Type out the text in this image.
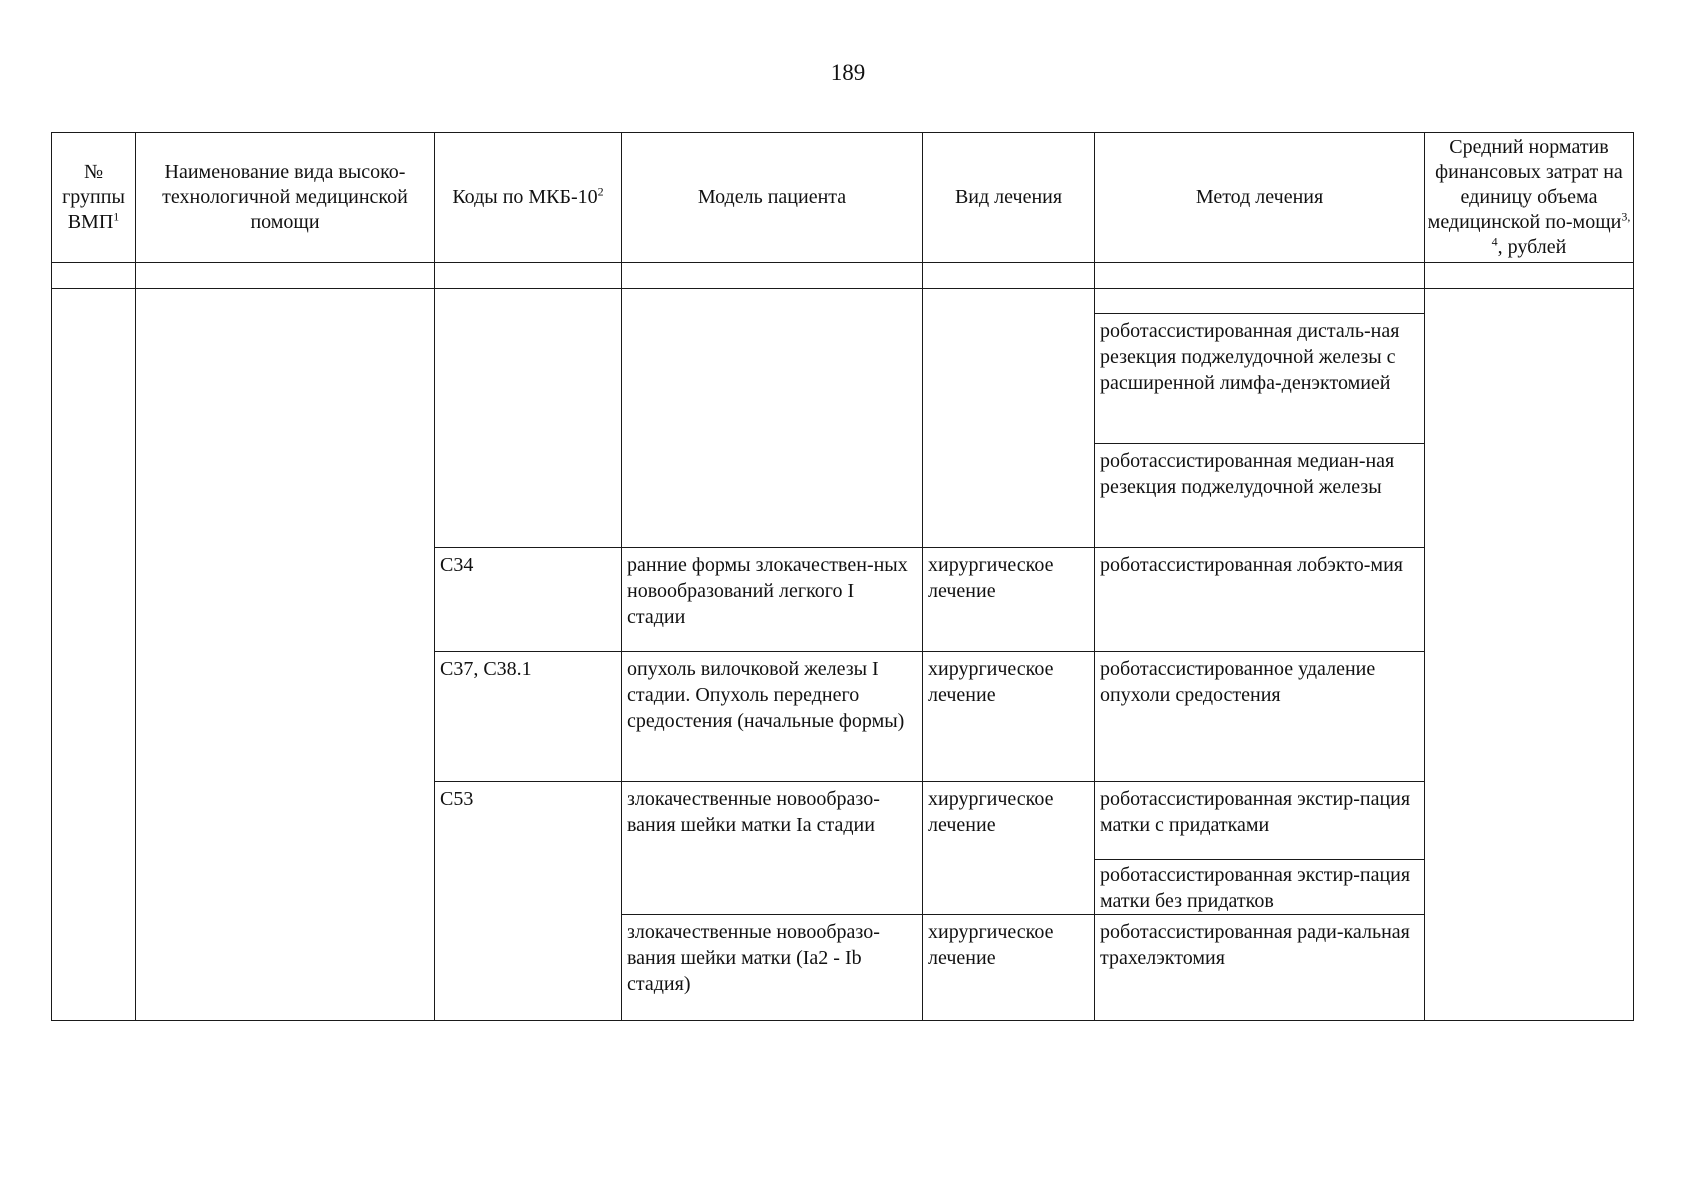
189
№ группы ВМП$^1$	Наименование вида высоко-технологичной медицинской помощи	Коды по МКБ-$10^2$	Модель пациента	Вид лечения	Метод лечения	Средний норматив финансовых затрат на единицу объема медицинской по-мощи$^{3, 4}$, рублей

					роботассистированная дисталь-ная резекция поджелудочной железы с расширенной лимфа-денэктомией	

					роботассистированная медиан-ная резекция поджелудочной железы	

		C34	ранние формы злокачествен-ных новообразований легкого I стадии	хирургическое лечение	роботассистированная лобэкто-мия	

		C37, C38.1	опухоль вилочковой железы I стадии. Опухоль переднего средостения (начальные формы)	хирургическое лечение	роботассистированное удаление опухоли средостения	

		C53	злокачественные новообразо-вания шейки матки Ia стадии	хирургическое лечение	роботассистированная экстир-пация матки с придатками	

					роботассистированная экстир-пация матки без придатков	

			злокачественные новообразо-вания шейки матки (Ia2 - Ib стадия)	хирургическое лечение	роботассистированная ради-кальная трахелэктомия	
